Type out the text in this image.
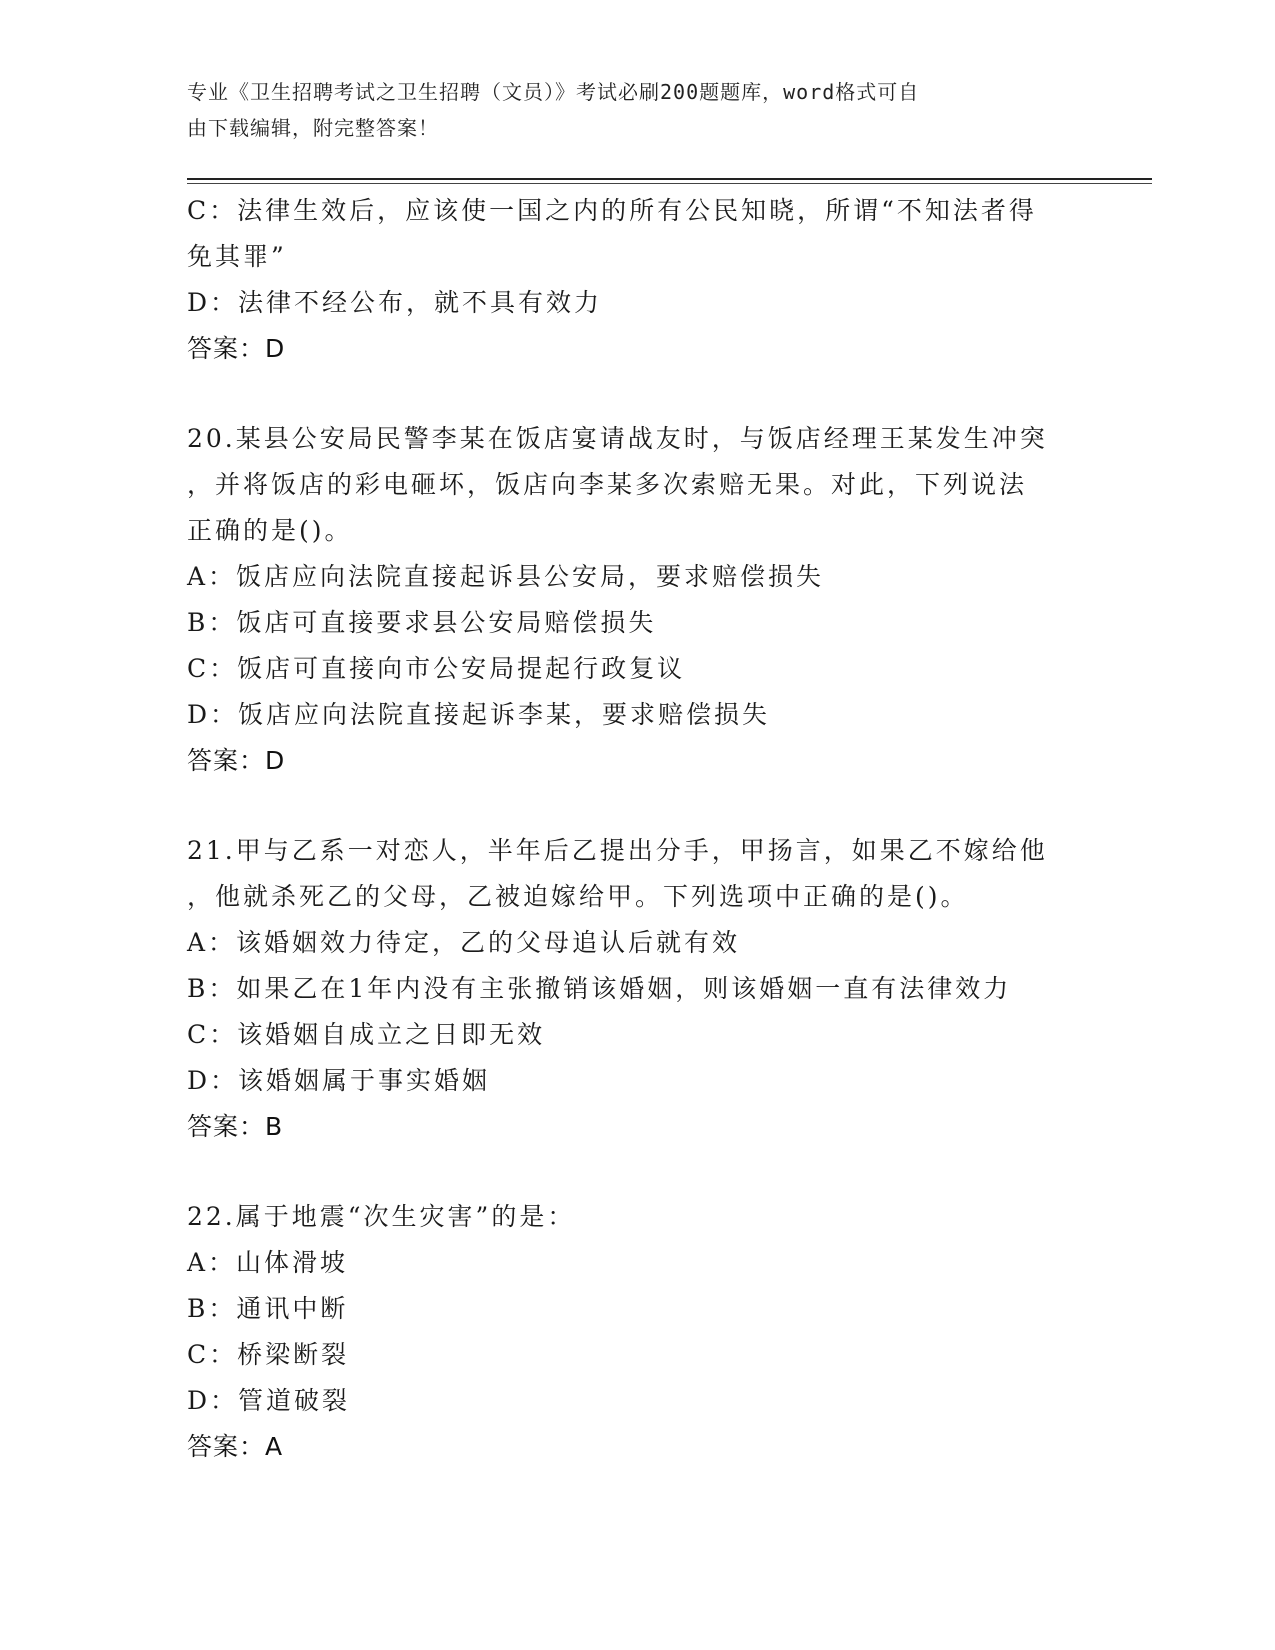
专业《卫生招聘考试之卫生招聘（文员）》考试必刷200题题库，word格式可自
由下载编辑，附完整答案！
C：法律生效后，应该使一国之内的所有公民知晓，所谓“不知法者得
免其罪”
D：法律不经公布，就不具有效力
答案：D
20.某县公安局民警李某在饭店宴请战友时，与饭店经理王某发生冲突
，并将饭店的彩电砸坏，饭店向李某多次索赔无果。对此，下列说法
正确的是()。
A：饭店应向法院直接起诉县公安局，要求赔偿损失
B：饭店可直接要求县公安局赔偿损失
C：饭店可直接向市公安局提起行政复议
D：饭店应向法院直接起诉李某，要求赔偿损失
答案：D
21.甲与乙系一对恋人，半年后乙提出分手，甲扬言，如果乙不嫁给他
，他就杀死乙的父母，乙被迫嫁给甲。下列选项中正确的是()。
A：该婚姻效力待定，乙的父母追认后就有效
B：如果乙在1年内没有主张撤销该婚姻，则该婚姻一直有法律效力
C：该婚姻自成立之日即无效
D：该婚姻属于事实婚姻
答案：B
22.属于地震“次生灾害”的是：
A：山体滑坡
B：通讯中断
C：桥梁断裂
D：管道破裂
答案：A
